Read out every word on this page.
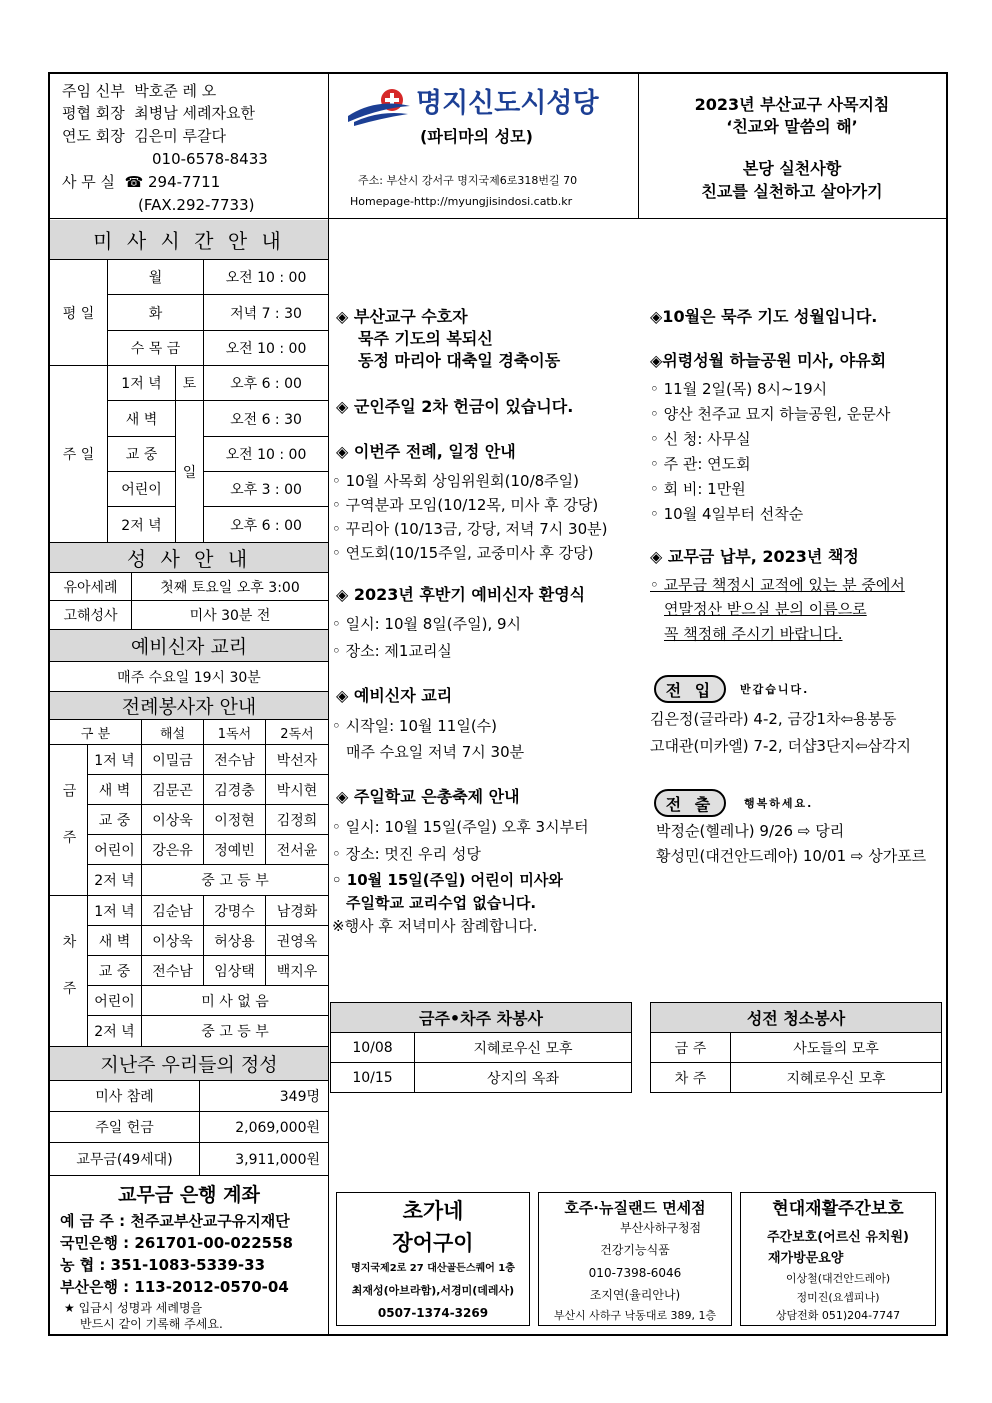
주임 신부 박호준 레 오
평협 회장 최병남 세례자요한
연도 회장 김은미 루갈다
010-6578-8433
사 무 실 ☎ 294-7711
(FAX.292-7733)
명지신도시성당
(파티마의 성모)
주소: 부산시 강서구 명지국제6로318번길 70
Homepage-http://myungjisindosi.catb.kr
2023년 부산교구 사목지침
‘친교와 말씀의 해’
본당 실천사항
친교를 실천하고 살아가기
미 사 시 간 안 내
평 일
월	오전 10 : 00
화	저녁 7 : 30
수 목 금	오전 10 : 00
주 일
1저 녁	토	오후 6 : 00
일
새 벽	오전 6 : 30
교 중	오전 10 : 00
어린이	오후 3 : 00
2저 녁	오후 6 : 00
성 사 안 내
유아세례	첫째 토요일 오후 3:00
고해성사	미사 30분 전
예비신자 교리
매주 수요일 19시 30분
전례봉사자 안내
구 분	해설	1독서	2독서
금 주
1저 녁	이밀금	전수남	박선자
새 벽	김문곤	김경충	박시현
교 중	이상욱	이정현	김정희
어린이	강은유	정예빈	전서윤
2저 녁	중 고 등 부
차 주
1저 녁	김순남	강명수	남경화
새 벽	이상욱	허상용	권영옥
교 중	전수남	임상택	백지우
어린이	미 사 없 음
2저 녁	중 고 등 부
지난주 우리들의 정성
미사 참례	349명
주일 헌금	2,069,000원
교무금(49세대)	3,911,000원
교무금 은행 계좌
예 금 주 : 천주교부산교구유지재단
국민은행 : 261701-00-022558
농 협 : 351-1083-5339-33
부산은행 : 113-2012-0570-04
★ 입금시 성명과 세례명을
반드시 같이 기록해 주세요.
◈ 부산교구 수호자
묵주 기도의 복되신
동정 마리아 대축일 경축이동
◈ 군인주일 2차 헌금이 있습니다.
◈ 이번주 전례, 일정 안내
◦ 10월 사목회 상임위원회(10/8주일)
◦ 구역분과 모임(10/12목, 미사 후 강당)
◦ 꾸리아 (10/13금, 강당, 저녁 7시 30분)
◦ 연도회(10/15주일, 교중미사 후 강당)
◈ 2023년 후반기 예비신자 환영식
◦ 일시: 10월 8일(주일), 9시
◦ 장소: 제1교리실
◈ 예비신자 교리
◦ 시작일: 10월 11일(수)
매주 수요일 저녁 7시 30분
◈ 주일학교 은총축제 안내
◦ 일시: 10월 15일(주일) 오후 3시부터
◦ 장소: 멋진 우리 성당
◦ 10월 15일(주일) 어린이 미사와
주일학교 교리수업 없습니다.
※행사 후 저녁미사 참례합니다.
◈10월은 묵주 기도 성월입니다.
◈위령성월 하늘공원 미사, 야유회
◦ 11월 2일(목) 8시~19시
◦ 양산 천주교 묘지 하늘공원, 운문사
◦ 신 청: 사무실
◦ 주 관: 연도회
◦ 회 비: 1만원
◦ 10월 4일부터 선착순
◈ 교무금 납부, 2023년 책정
◦ 교무금 책정시 교적에 있는 분 중에서
연말정산 받으실 분의 이름으로
꼭 책정해 주시기 바랍니다.
전 입	반갑습니다.
김은정(글라라) 4-2, 금강1차⇦용봉동
고대관(미카엘) 7-2, 더샵3단지⇦삼각지
전 출	행복하세요.
박정순(헬레나) 9/26 ⇨ 당리
황성민(대건안드레아) 10/01 ⇨ 상가포르
금주•차주 차봉사
10/08	지혜로우신 모후
10/15	상지의 옥좌
성전 청소봉사
금 주	사도들의 모후
차 주	지혜로우신 모후
초가네
장어구이
명지국제2로 27 대산골든스퀘어 1층
최재성(아브라함),서경미(데레사)
0507-1374-3269
호주·뉴질랜드 면세점
부산사하구청점
건강기능식품
010-7398-6046
조지연(율리안나)
부산시 사하구 낙동대로 389, 1층
현대재활주간보호
주간보호(어르신 유치원)
재가방문요양
이상철(대건안드레아)
정미진(요셉피나)
상담전화 051)204-7747
